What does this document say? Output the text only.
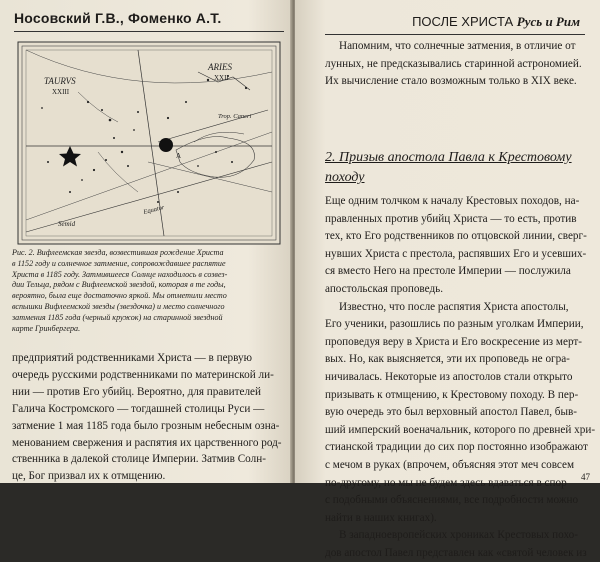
Носовский Г.В., Фоменко А.Т.
TAURVS
XXIII
ARIES
XXII
A
Trop. Cancri
Semid
Equator
Рис. 2. Вифлеемская звезда, возвестившая рождение Христа
в 1152 году и солнечное затмение, сопровождавшее распятие
Христа в 1185 году. Затмившееся Солнце находилось в созвез-
дии Тельца, рядом с Вифлеемской звездой, которая в те годы,
вероятно, была еще достаточно яркой. Мы отметили место
вспышки Вифлеемской звезды (звездочка) и место солнечного
затмения 1185 года (черный кружок) на старинной звездной
карте Гринбергера.
предприятий родственниками Христа — в первую
очередь русскими родственниками по материнской ли-
нии — против Его убийц. Вероятно, для правителей
Галича Костромского — тогдашней столицы Руси —
затмение 1 мая 1185 года было грозным небесным озна-
менованием свержения и распятия их царственного род-
ственника в далекой столице Империи. Затмив Солн-
це, Бог призвал их к отмщению.
ПОСЛЕ ХРИСТА Русь и Рим
Напомним, что солнечные затмения, в отличие от
лунных, не предсказывались старинной астрономией.
Их вычисление стало возможным только в XIX веке.
2. Призыв апостола Павла к Крестовому
походу
Еще одним толчком к началу Крестовых походов, на-
правленных против убийц Христа — то есть, против
тех, кто Его родственников по отцовской линии, сверг-
нувших Христа с престола, распявших Его и усевших-
ся вместо Него на престоле Империи — послужила
апостольская проповедь.
Известно, что после распятия Христа апостолы,
Его ученики, разошлись по разным уголкам Империи,
проповедуя веру в Христа и Его воскресение из мерт-
вых. Но, как выясняется, эти их проповедь не огра-
ничивалась. Некоторые из апостолов стали открыто
призывать к отмщению, к Крестовому походу. В пер-
вую очередь это был верховный апостол Павел, быв-
ший имперский военачальник, которого по древней хри-
стианской традиции до сих пор постоянно изображают
с мечом в руках (впрочем, объясняя этот меч совсем
по-другому, но мы не будем здесь вдаваться в спор
с подобными объяснениями, все подробности можно
найти в наших книгах).
В западноевропейских хрониках Крестовых похо-
дов апостол Павел представлен как «святой человек из
47
